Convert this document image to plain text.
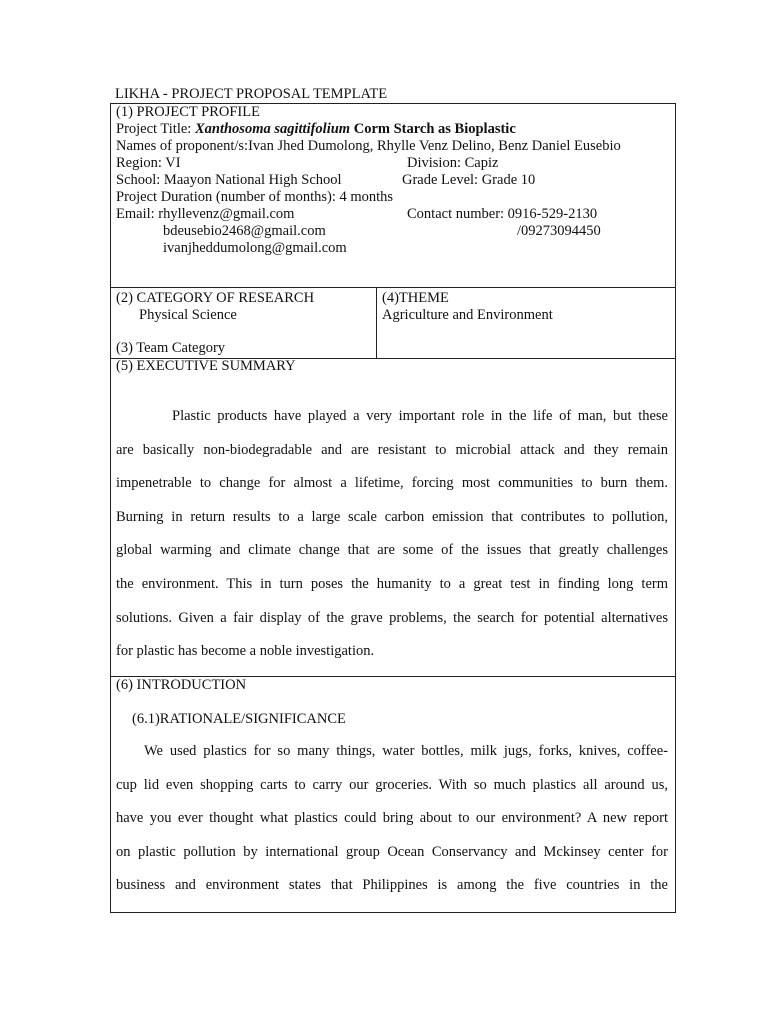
LIKHA - PROJECT PROPOSAL TEMPLATE
(1) PROJECT PROFILE
Project Title: Xanthosoma sagittifolium Corm Starch as Bioplastic
Names of proponent/s:Ivan Jhed Dumolong, Rhylle Venz Delino, Benz Daniel Eusebio
Region: VI	Division: Capiz
School: Maayon National High School	Grade Level: Grade 10
Project Duration (number of months): 4 months
Email: rhyllevenz@gmail.com	Contact number: 0916-529-2130
bdeusebio2468@gmail.com	/09273094450
ivanjheddumolong@gmail.com
(2) CATEGORY OF RESEARCH
Physical Science
(3) Team Category
(4)THEME
Agriculture and Environment
(5) EXECUTIVE SUMMARY
Plastic products have played a very important role in the life of man, but these
are basically non-biodegradable and are resistant to microbial attack and they remain
impenetrable to change for almost a lifetime, forcing most communities to burn them.
Burning in return results to a large scale carbon emission that contributes to pollution,
global warming and climate change that are some of the issues that greatly challenges
the environment. This in turn poses the humanity to a great test in finding long term
solutions. Given a fair display of the grave problems, the search for potential alternatives
for plastic has become a noble investigation.
(6) INTRODUCTION
(6.1)RATIONALE/SIGNIFICANCE
We used plastics for so many things, water bottles, milk jugs, forks, knives, coffee-
cup lid even shopping carts to carry our groceries. With so much plastics all around us,
have you ever thought what plastics could bring about to our environment? A new report
on plastic pollution by international group Ocean Conservancy and Mckinsey center for
business and environment states that Philippines is among the five countries in the
